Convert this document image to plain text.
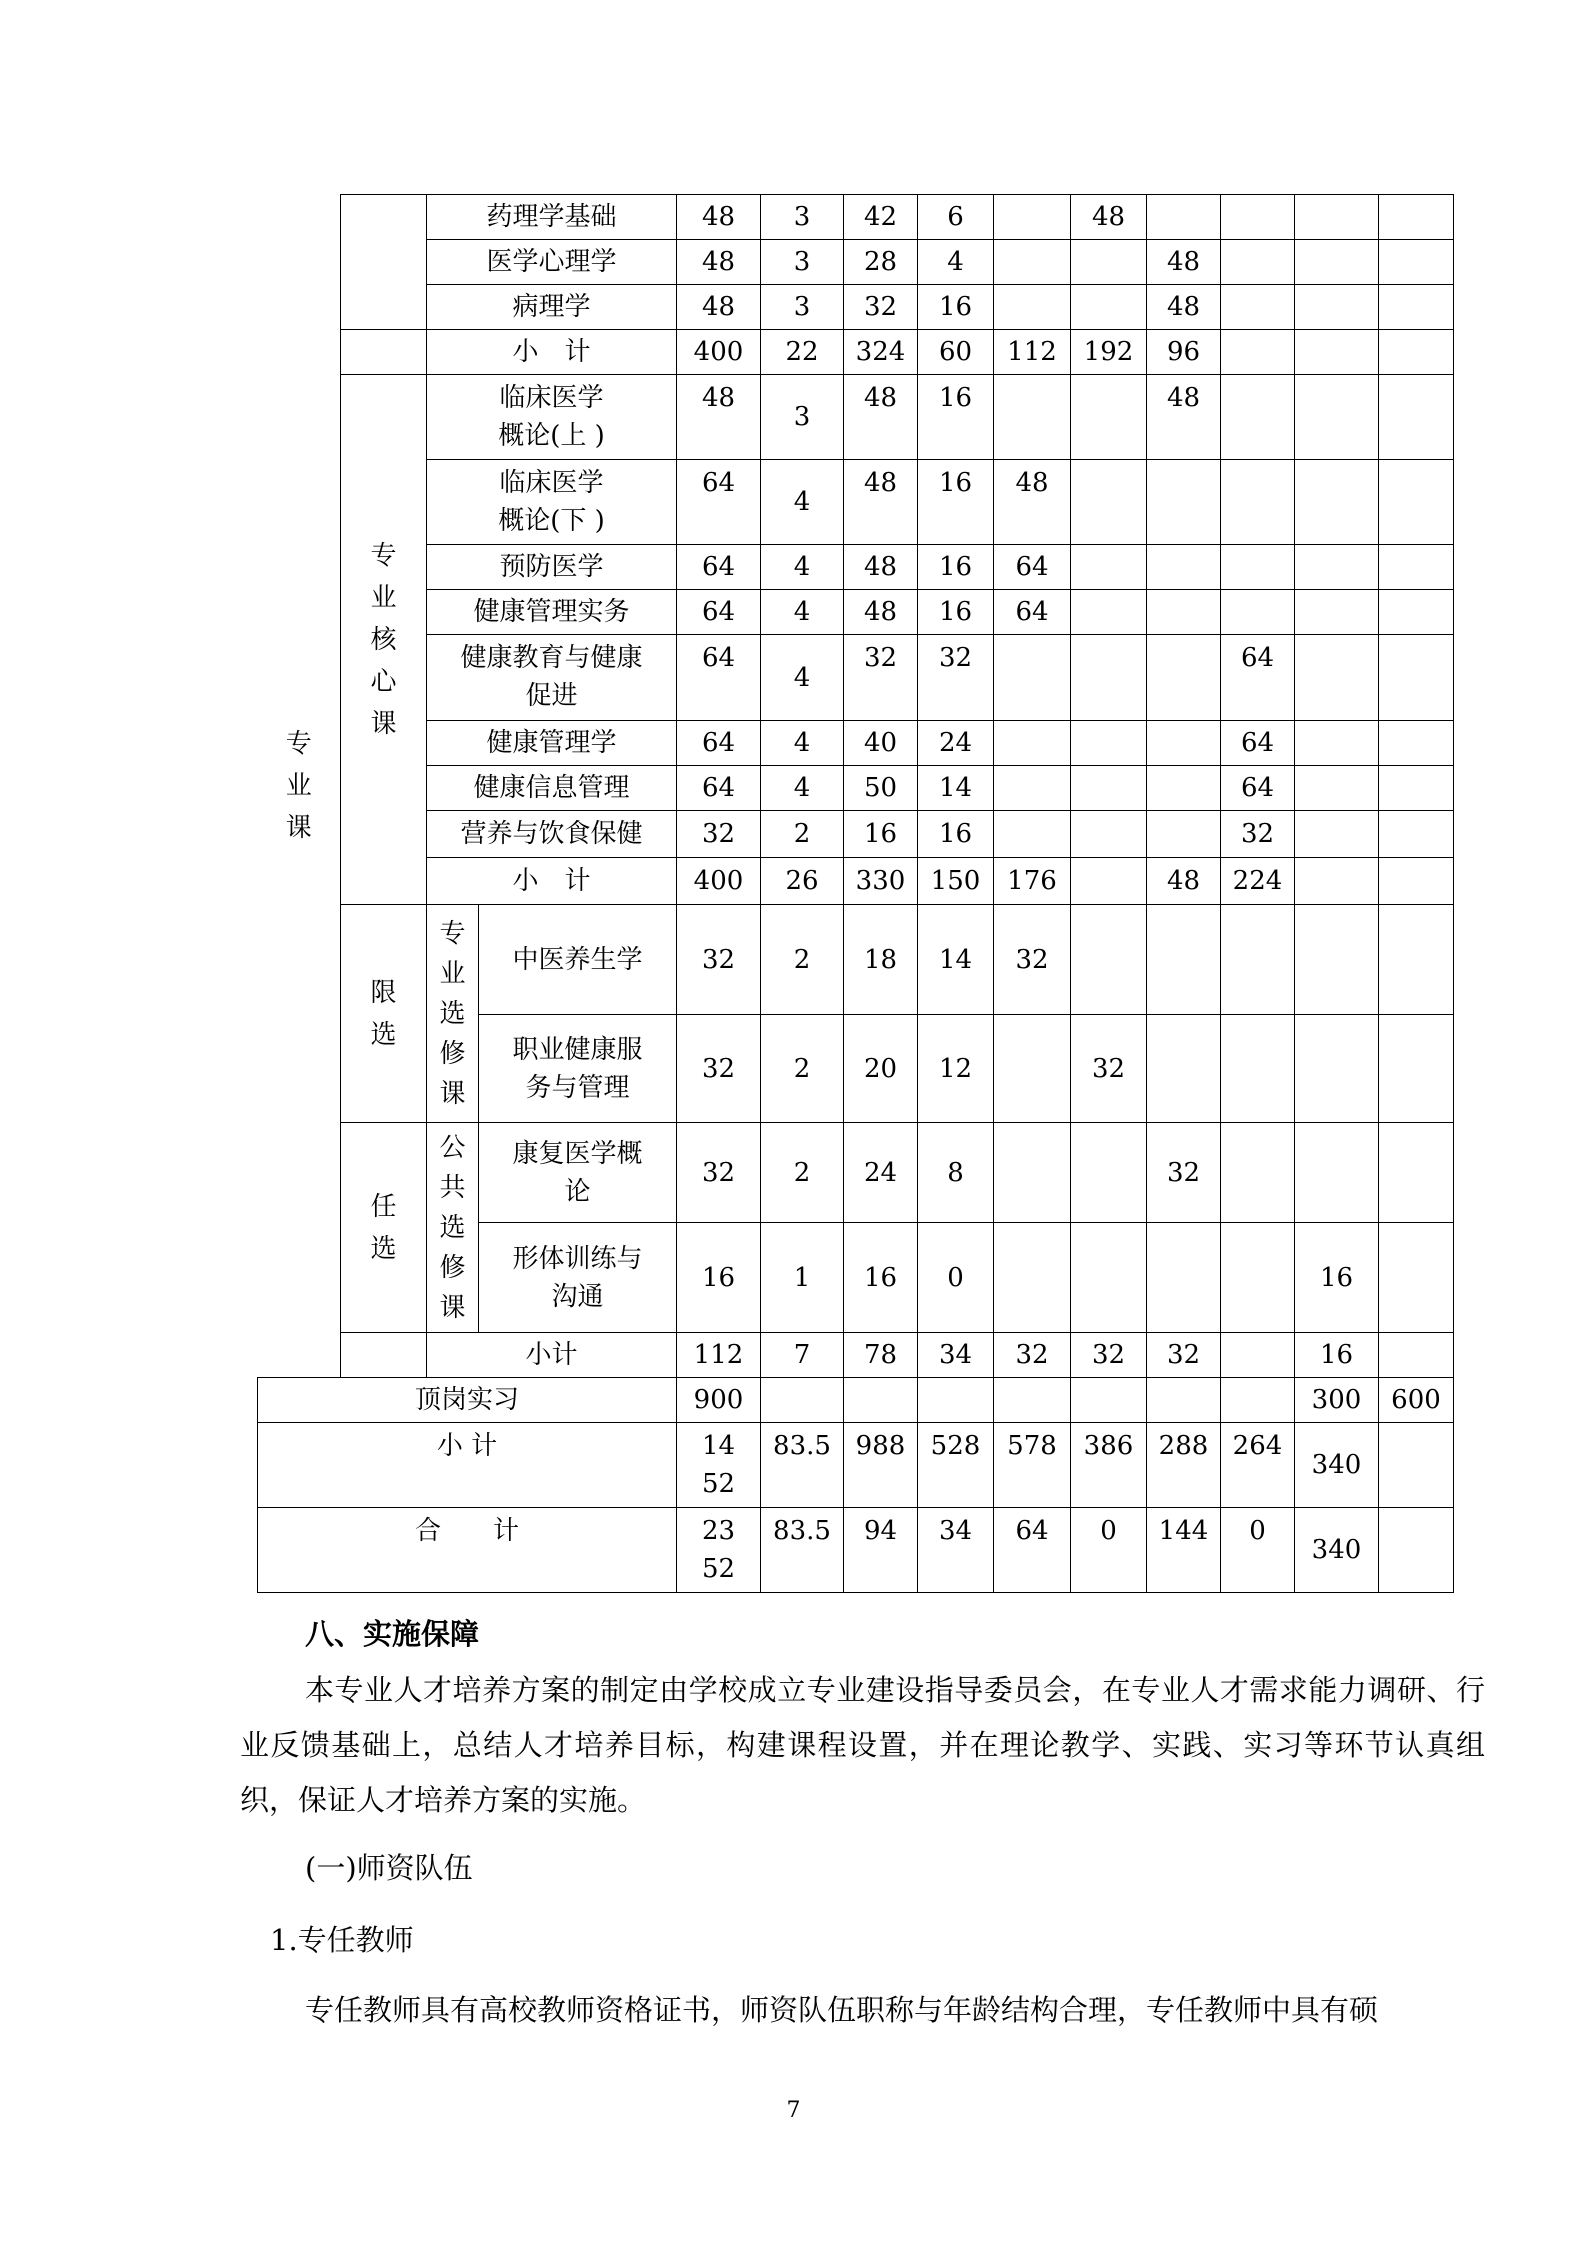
专业课		药理学基础		48	3	42	6		48				
		医学心理学		48	3	28	4			48			
		病理学		48	3	32	16			48			
		小　计		400	22	324	60	112	192	96			
	专业核心课	临床医学概论(上 )		48	3	48	16			48			
		临床医学概论(下 )		64	4	48	16	48					
		预防医学		64	4	48	16	64					
		健康管理实务		64	4	48	16	64					
		健康教育与健康促进		64	4	32	32				64		
		健康管理学		64	4	40	24				64		
		健康信息管理		64	4	50	14				64		
		营养与饮食保健		32	2	16	16				32		
		小　计		400	26	330	150	176		48	224		
	限选	专业选修课	中医养生学	32	2	18	14	32					
			职业健康服务与管理	32	2	20	12		32				
	任选	公共选修课	康复医学概论	32	2	24	8			32			
			形体训练与沟通	16	1	16	0					16	
		小计		112	7	78	34	32	32	32		16	
顶岗实习				900								300	600
小 计				1452	83.5	988	528	578	386	288	264	340	
合　　计				2352	83.5	94	34	64	0	144	0	340	
八、实施保障
本专业人才培养方案的制定由学校成立专业建设指导委员会，在专业人才需求能力调研、行业反馈基础上，总结人才培养目标，构建课程设置，并在理论教学、实践、实习等环节认真组织，保证人才培养方案的实施。
(一)师资队伍
1.专任教师
专任教师具有高校教师资格证书，师资队伍职称与年龄结构合理，专任教师中具有硕
7
